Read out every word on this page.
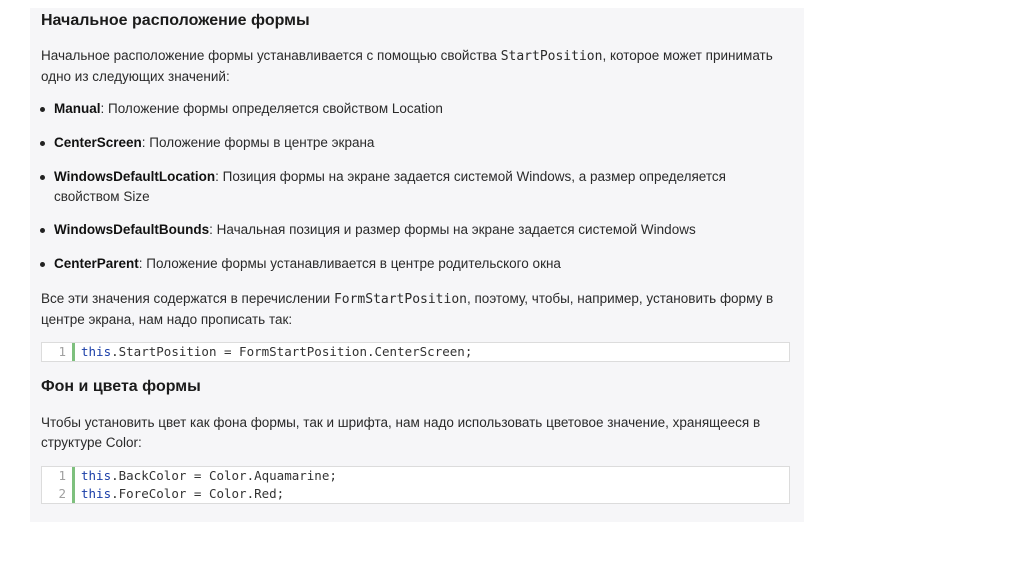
Начальное расположение формы

Начальное расположение формы устанавливается с помощью свойства StartPosition, которое может принимать
одно из следующих значений:

Manual: Положение формы определяется свойством Location
CenterScreen: Положение формы в центре экрана
WindowsDefaultLocation: Позиция формы на экране задается системой Windows, а размер определяется
свойством Size
WindowsDefaultBounds: Начальная позиция и размер формы на экране задается системой Windows
CenterParent: Положение формы устанавливается в центре родительского окна

Все эти значения содержатся в перечислении FormStartPosition, поэтому, чтобы, например, установить форму в
центре экрана, нам надо прописать так:

1	this.StartPosition = FormStartPosition.CenterScreen;
Фон и цвета формы

Чтобы установить цвет как фона формы, так и шрифта, нам надо использовать цветовое значение, хранящееся в
структуре Color:

1	this.BackColor = Color.Aquamarine;
2	this.ForeColor = Color.Red;
